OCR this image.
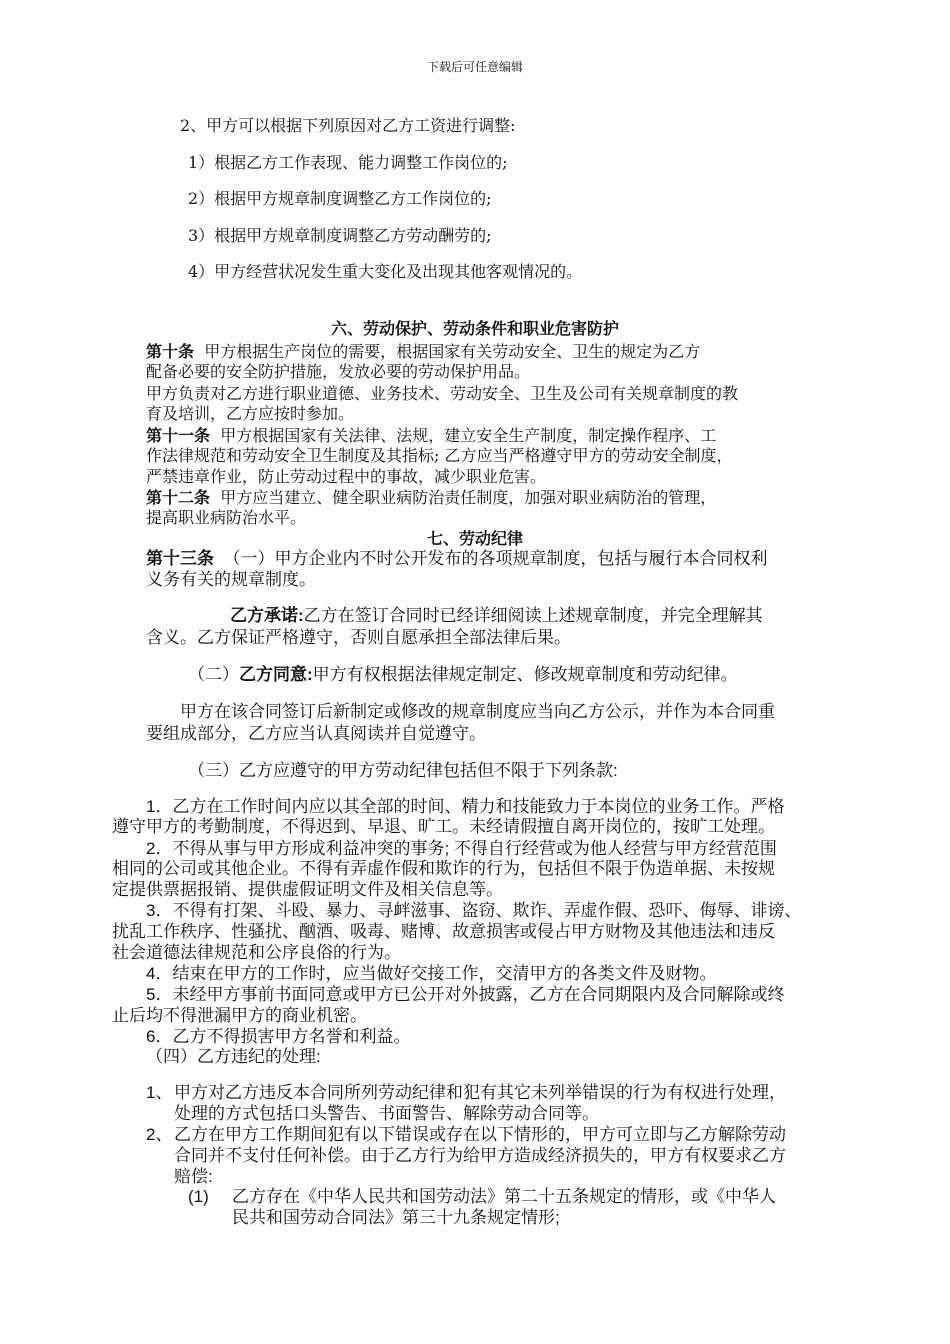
下载后可任意编辑
2、甲方可以根据下列原因对乙方工资进行调整:
1）根据乙方工作表现、能力调整工作岗位的;
2）根据甲方规章制度调整乙方工作岗位的;
3）根据甲方规章制度调整乙方劳动酬劳的;
4）甲方经营状况发生重大变化及出现其他客观情况的。
六、劳动保护、劳动条件和职业危害防护
第十条 甲方根据生产岗位的需要，根据国家有关劳动安全、卫生的规定为乙方
配备必要的安全防护措施，发放必要的劳动保护用品。
甲方负责对乙方进行职业道德、业务技术、劳动安全、卫生及公司有关规章制度的教
育及培训，乙方应按时参加。
第十一条 甲方根据国家有关法律、法规，建立安全生产制度，制定操作程序、工
作法律规范和劳动安全卫生制度及其指标; 乙方应当严格遵守甲方的劳动安全制度，
严禁违章作业，防止劳动过程中的事故，减少职业危害。
第十二条 甲方应当建立、健全职业病防治责任制度，加强对职业病防治的管理，
提高职业病防治水平。
七、劳动纪律
第十三条 （一）甲方企业内不时公开发布的各项规章制度，包括与履行本合同权利
义务有关的规章制度。
乙方承诺:乙方在签订合同时已经详细阅读上述规章制度，并完全理解其
含义。乙方保证严格遵守，否则自愿承担全部法律后果。
（二）乙方同意:甲方有权根据法律规定制定、修改规章制度和劳动纪律。
甲方在该合同签订后新制定或修改的规章制度应当向乙方公示，并作为本合同重
要组成部分，乙方应当认真阅读并自觉遵守。
（三）乙方应遵守的甲方劳动纪律包括但不限于下列条款:
1．乙方在工作时间内应以其全部的时间、精力和技能致力于本岗位的业务工作。严格
遵守甲方的考勤制度，不得迟到、早退、旷工。未经请假擅自离开岗位的，按旷工处理。
2．不得从事与甲方形成利益冲突的事务; 不得自行经营或为他人经营与甲方经营范围
相同的公司或其他企业。不得有弄虚作假和欺诈的行为，包括但不限于伪造单据、未按规
定提供票据报销、提供虚假证明文件及相关信息等。
3．不得有打架、斗殴、暴力、寻衅滋事、盗窃、欺诈、弄虚作假、恐吓、侮辱、诽谤、
扰乱工作秩序、性骚扰、酗酒、吸毒、赌博、故意损害或侵占甲方财物及其他违法和违反
社会道德法律规范和公序良俗的行为。
4．结束在甲方的工作时，应当做好交接工作，交清甲方的各类文件及财物。
5．未经甲方事前书面同意或甲方已公开对外披露，乙方在合同期限内及合同解除或终
止后均不得泄漏甲方的商业机密。
6．乙方不得损害甲方名誉和利益。
（四）乙方违纪的处理:
1、 甲方对乙方违反本合同所列劳动纪律和犯有其它未列举错误的行为有权进行处理，
处理的方式包括口头警告、书面警告、解除劳动合同等。
2、 乙方在甲方工作期间犯有以下错误或存在以下情形的，甲方可立即与乙方解除劳动
合同并不支付任何补偿。由于乙方行为给甲方造成经济损失的，甲方有权要求乙方
赔偿:
(1) 乙方存在《中华人民共和国劳动法》第二十五条规定的情形，或《中华人
民共和国劳动合同法》第三十九条规定情形;
